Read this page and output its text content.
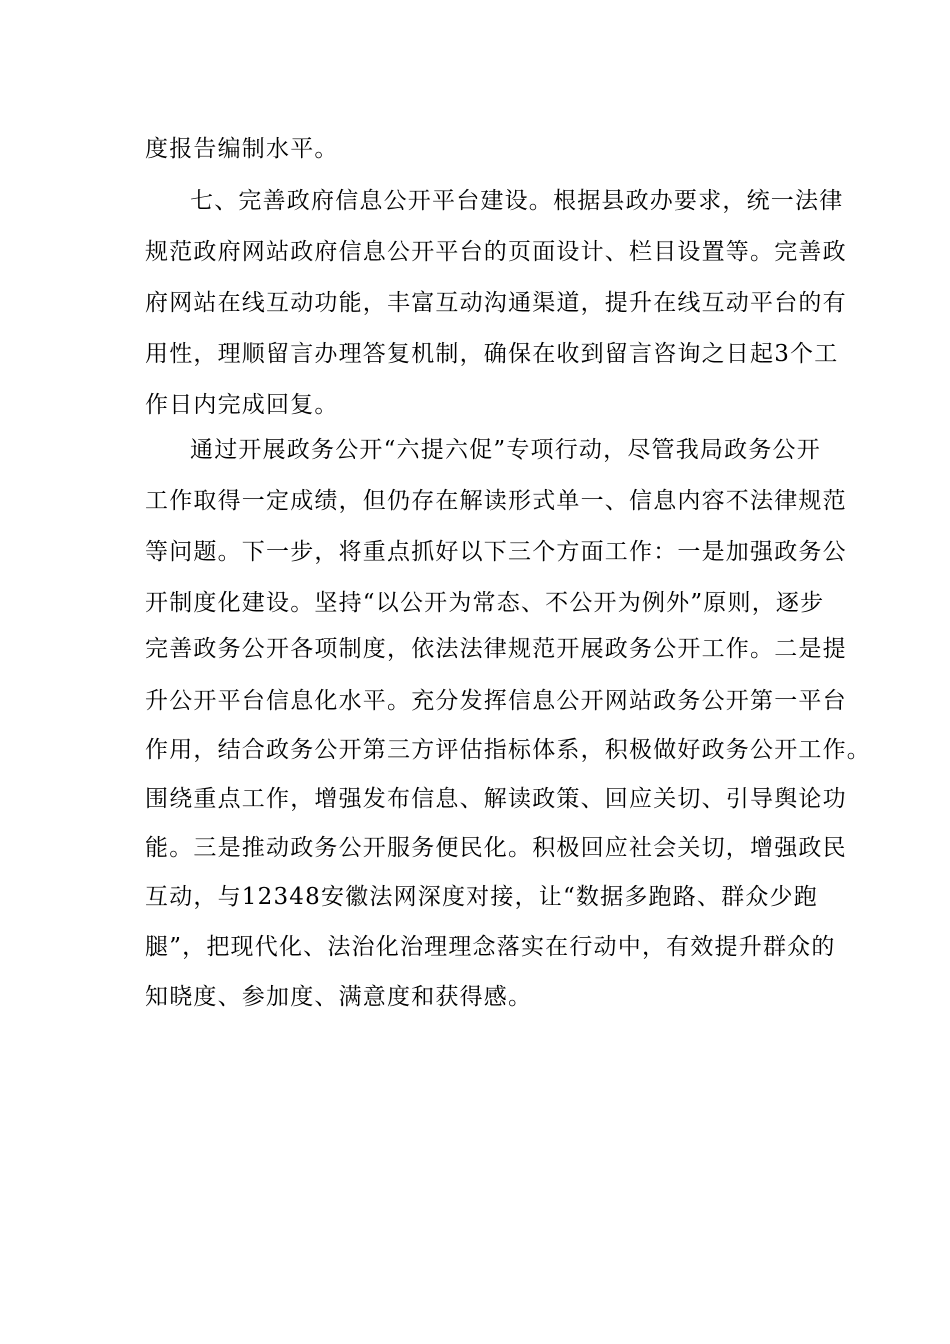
度报告编制水平。
七、完善政府信息公开平台建设。根据县政办要求，统一法律
规范政府网站政府信息公开平台的页面设计、栏目设置等。完善政
府网站在线互动功能，丰富互动沟通渠道，提升在线互动平台的有
用性，理顺留言办理答复机制，确保在收到留言咨询之日起3个工
作日内完成回复。
通过开展政务公开“六提六促”专项行动，尽管我局政务公开
工作取得一定成绩，但仍存在解读形式单一、信息内容不法律规范
等问题。下一步，将重点抓好以下三个方面工作：一是加强政务公
开制度化建设。坚持“以公开为常态、不公开为例外”原则，逐步
完善政务公开各项制度，依法法律规范开展政务公开工作。二是提
升公开平台信息化水平。充分发挥信息公开网站政务公开第一平台
作用，结合政务公开第三方评估指标体系，积极做好政务公开工作。
围绕重点工作，增强发布信息、解读政策、回应关切、引导舆论功
能。三是推动政务公开服务便民化。积极回应社会关切，增强政民
互动，与12348安徽法网深度对接，让“数据多跑路、群众少跑
腿”，把现代化、法治化治理理念落实在行动中，有效提升群众的
知晓度、参加度、满意度和获得感。
